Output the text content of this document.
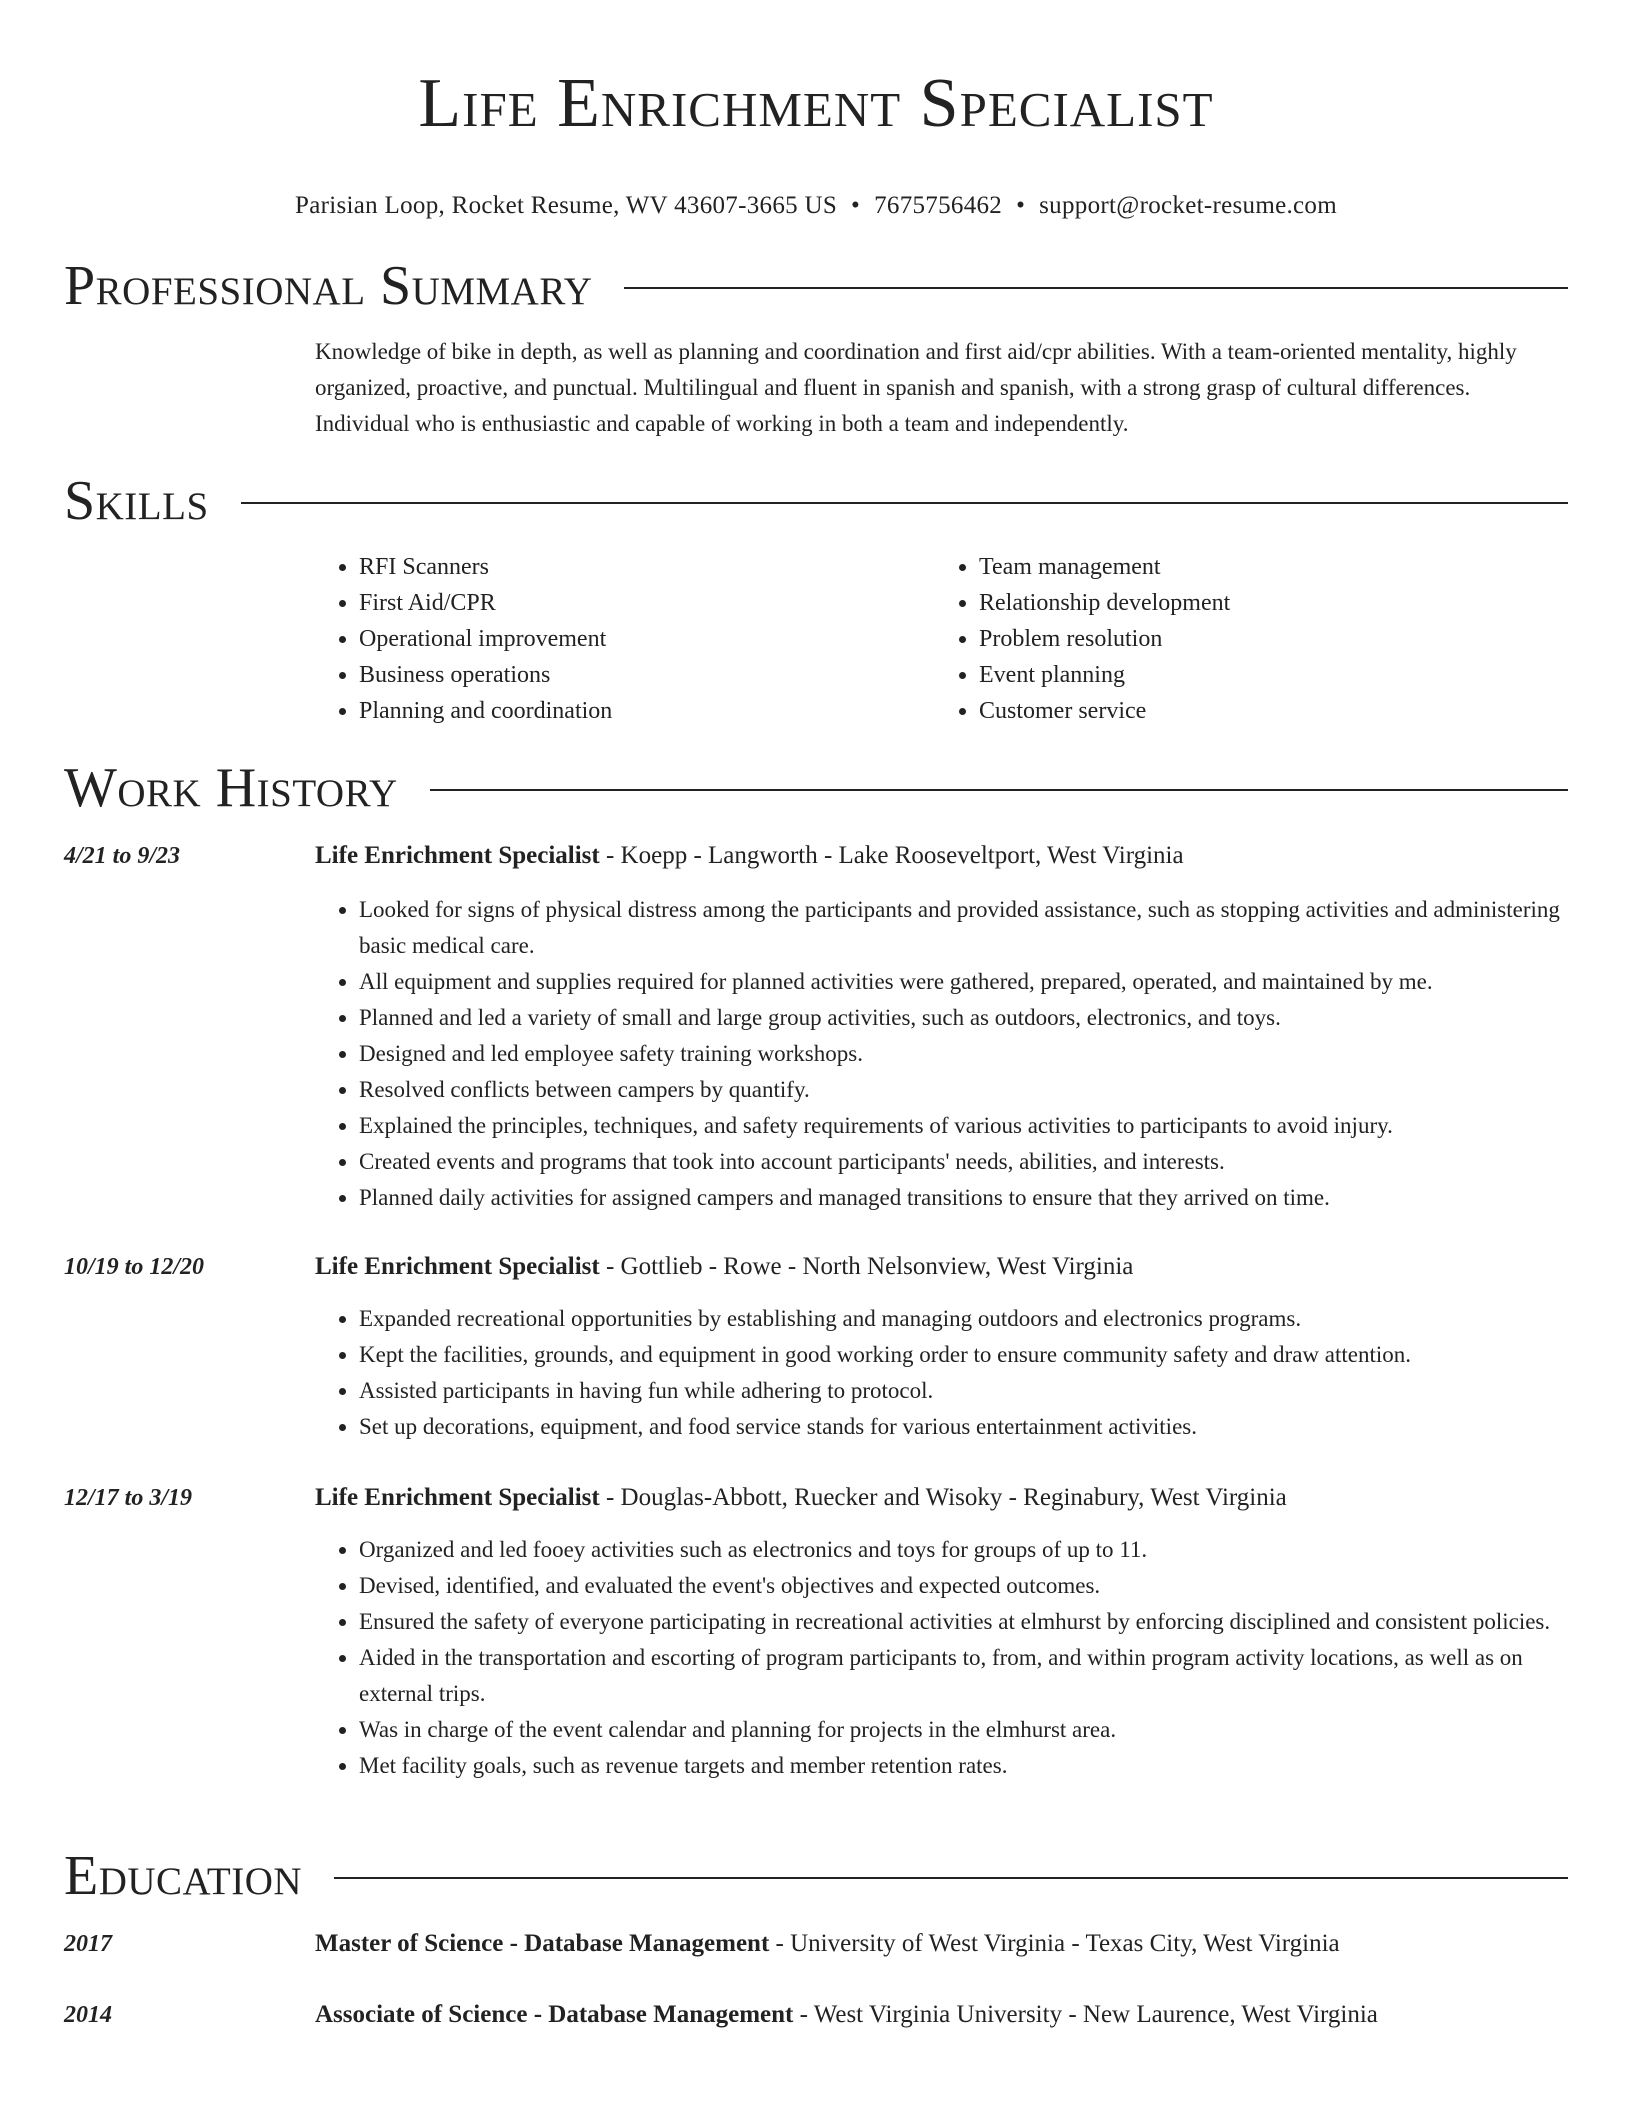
Life Enrichment Specialist
Parisian Loop, Rocket Resume, WV 43607-3665 US • 7675756462 • support@rocket-resume.com
Professional Summary
Knowledge of bike in depth, as well as planning and coordination and first aid/cpr abilities. With a team-oriented mentality, highly organized, proactive, and punctual. Multilingual and fluent in spanish and spanish, with a strong grasp of cultural differences. Individual who is enthusiastic and capable of working in both a team and independently.
Skills
• RFI Scanners
• First Aid/CPR
• Operational improvement
• Business operations
• Planning and coordination
• Team management
• Relationship development
• Problem resolution
• Event planning
• Customer service
Work History
4/21 to 9/23	Life Enrichment Specialist - Koepp - Langworth - Lake Rooseveltport, West Virginia
• Looked for signs of physical distress among the participants and provided assistance, such as stopping activities and administering basic medical care.
• All equipment and supplies required for planned activities were gathered, prepared, operated, and maintained by me.
• Planned and led a variety of small and large group activities, such as outdoors, electronics, and toys.
• Designed and led employee safety training workshops.
• Resolved conflicts between campers by quantify.
• Explained the principles, techniques, and safety requirements of various activities to participants to avoid injury.
• Created events and programs that took into account participants' needs, abilities, and interests.
• Planned daily activities for assigned campers and managed transitions to ensure that they arrived on time.
10/19 to 12/20	Life Enrichment Specialist - Gottlieb - Rowe - North Nelsonview, West Virginia
• Expanded recreational opportunities by establishing and managing outdoors and electronics programs.
• Kept the facilities, grounds, and equipment in good working order to ensure community safety and draw attention.
• Assisted participants in having fun while adhering to protocol.
• Set up decorations, equipment, and food service stands for various entertainment activities.
12/17 to 3/19	Life Enrichment Specialist - Douglas-Abbott, Ruecker and Wisoky - Reginabury, West Virginia
• Organized and led fooey activities such as electronics and toys for groups of up to 11.
• Devised, identified, and evaluated the event's objectives and expected outcomes.
• Ensured the safety of everyone participating in recreational activities at elmhurst by enforcing disciplined and consistent policies.
• Aided in the transportation and escorting of program participants to, from, and within program activity locations, as well as on external trips.
• Was in charge of the event calendar and planning for projects in the elmhurst area.
• Met facility goals, such as revenue targets and member retention rates.
Education
2017	Master of Science - Database Management - University of West Virginia - Texas City, West Virginia
2014	Associate of Science - Database Management - West Virginia University - New Laurence, West Virginia
